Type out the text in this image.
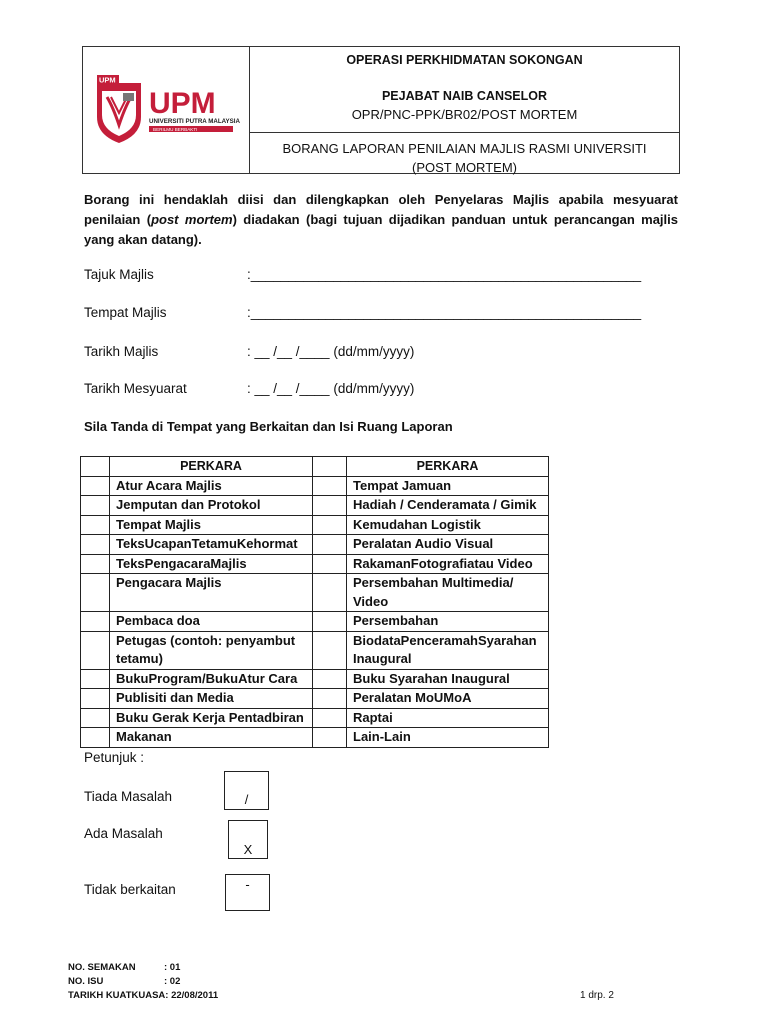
UPM
UPM
UNIVERSITI PUTRA MALAYSIA
BERILMU BERBAKTI
OPERASI PERKHIDMATAN SOKONGAN
PEJABAT NAIB CANSELOR
OPR/PNC-PPK/BR02/POST MORTEM
BORANG LAPORAN PENILAIAN MAJLIS RASMI UNIVERSITI (POST MORTEM)
Borang ini hendaklah diisi dan dilengkapkan oleh Penyelaras Majlis apabila mesyuarat penilaian (post mortem) diadakan (bagi tujuan dijadikan panduan untuk perancangan majlis yang akan datang).
Tajuk Majlis	:____________________________________________________
Tempat Majlis	:____________________________________________________
Tarikh Majlis	: __ /__ /____ (dd/mm/yyyy)
Tarikh Mesyuarat	: __ /__ /____ (dd/mm/yyyy)
Sila Tanda di Tempat yang Berkaitan dan Isi Ruang Laporan
	PERKARA		PERKARA
	Atur Acara Majlis		Tempat Jamuan
	Jemputan dan Protokol		Hadiah / Cenderamata / Gimik
	Tempat Majlis		Kemudahan Logistik
	TeksUcapanTetamuKehormat		Peralatan Audio Visual
	TeksPengacaraMajlis		RakamanFotografiatau Video
	Pengacara Majlis		Persembahan Multimedia/ Video
	Pembaca doa		Persembahan
	Petugas (contoh: penyambut tetamu)		BiodataPenceramahSyarahan Inaugural
	BukuProgram/BukuAtur Cara		Buku Syarahan Inaugural
	Publisiti dan Media		Peralatan MoUMoA
	Buku Gerak Kerja Pentadbiran		Raptai
	Makanan		Lain-Lain
Petunjuk :
Tiada Masalah	/
Ada Masalah
X
Tidak berkaitan	-
NO. SEMAKAN	: 01
NO. ISU	: 02
TARIKH KUATKUASA: 22/08/2011	1 drp. 2
